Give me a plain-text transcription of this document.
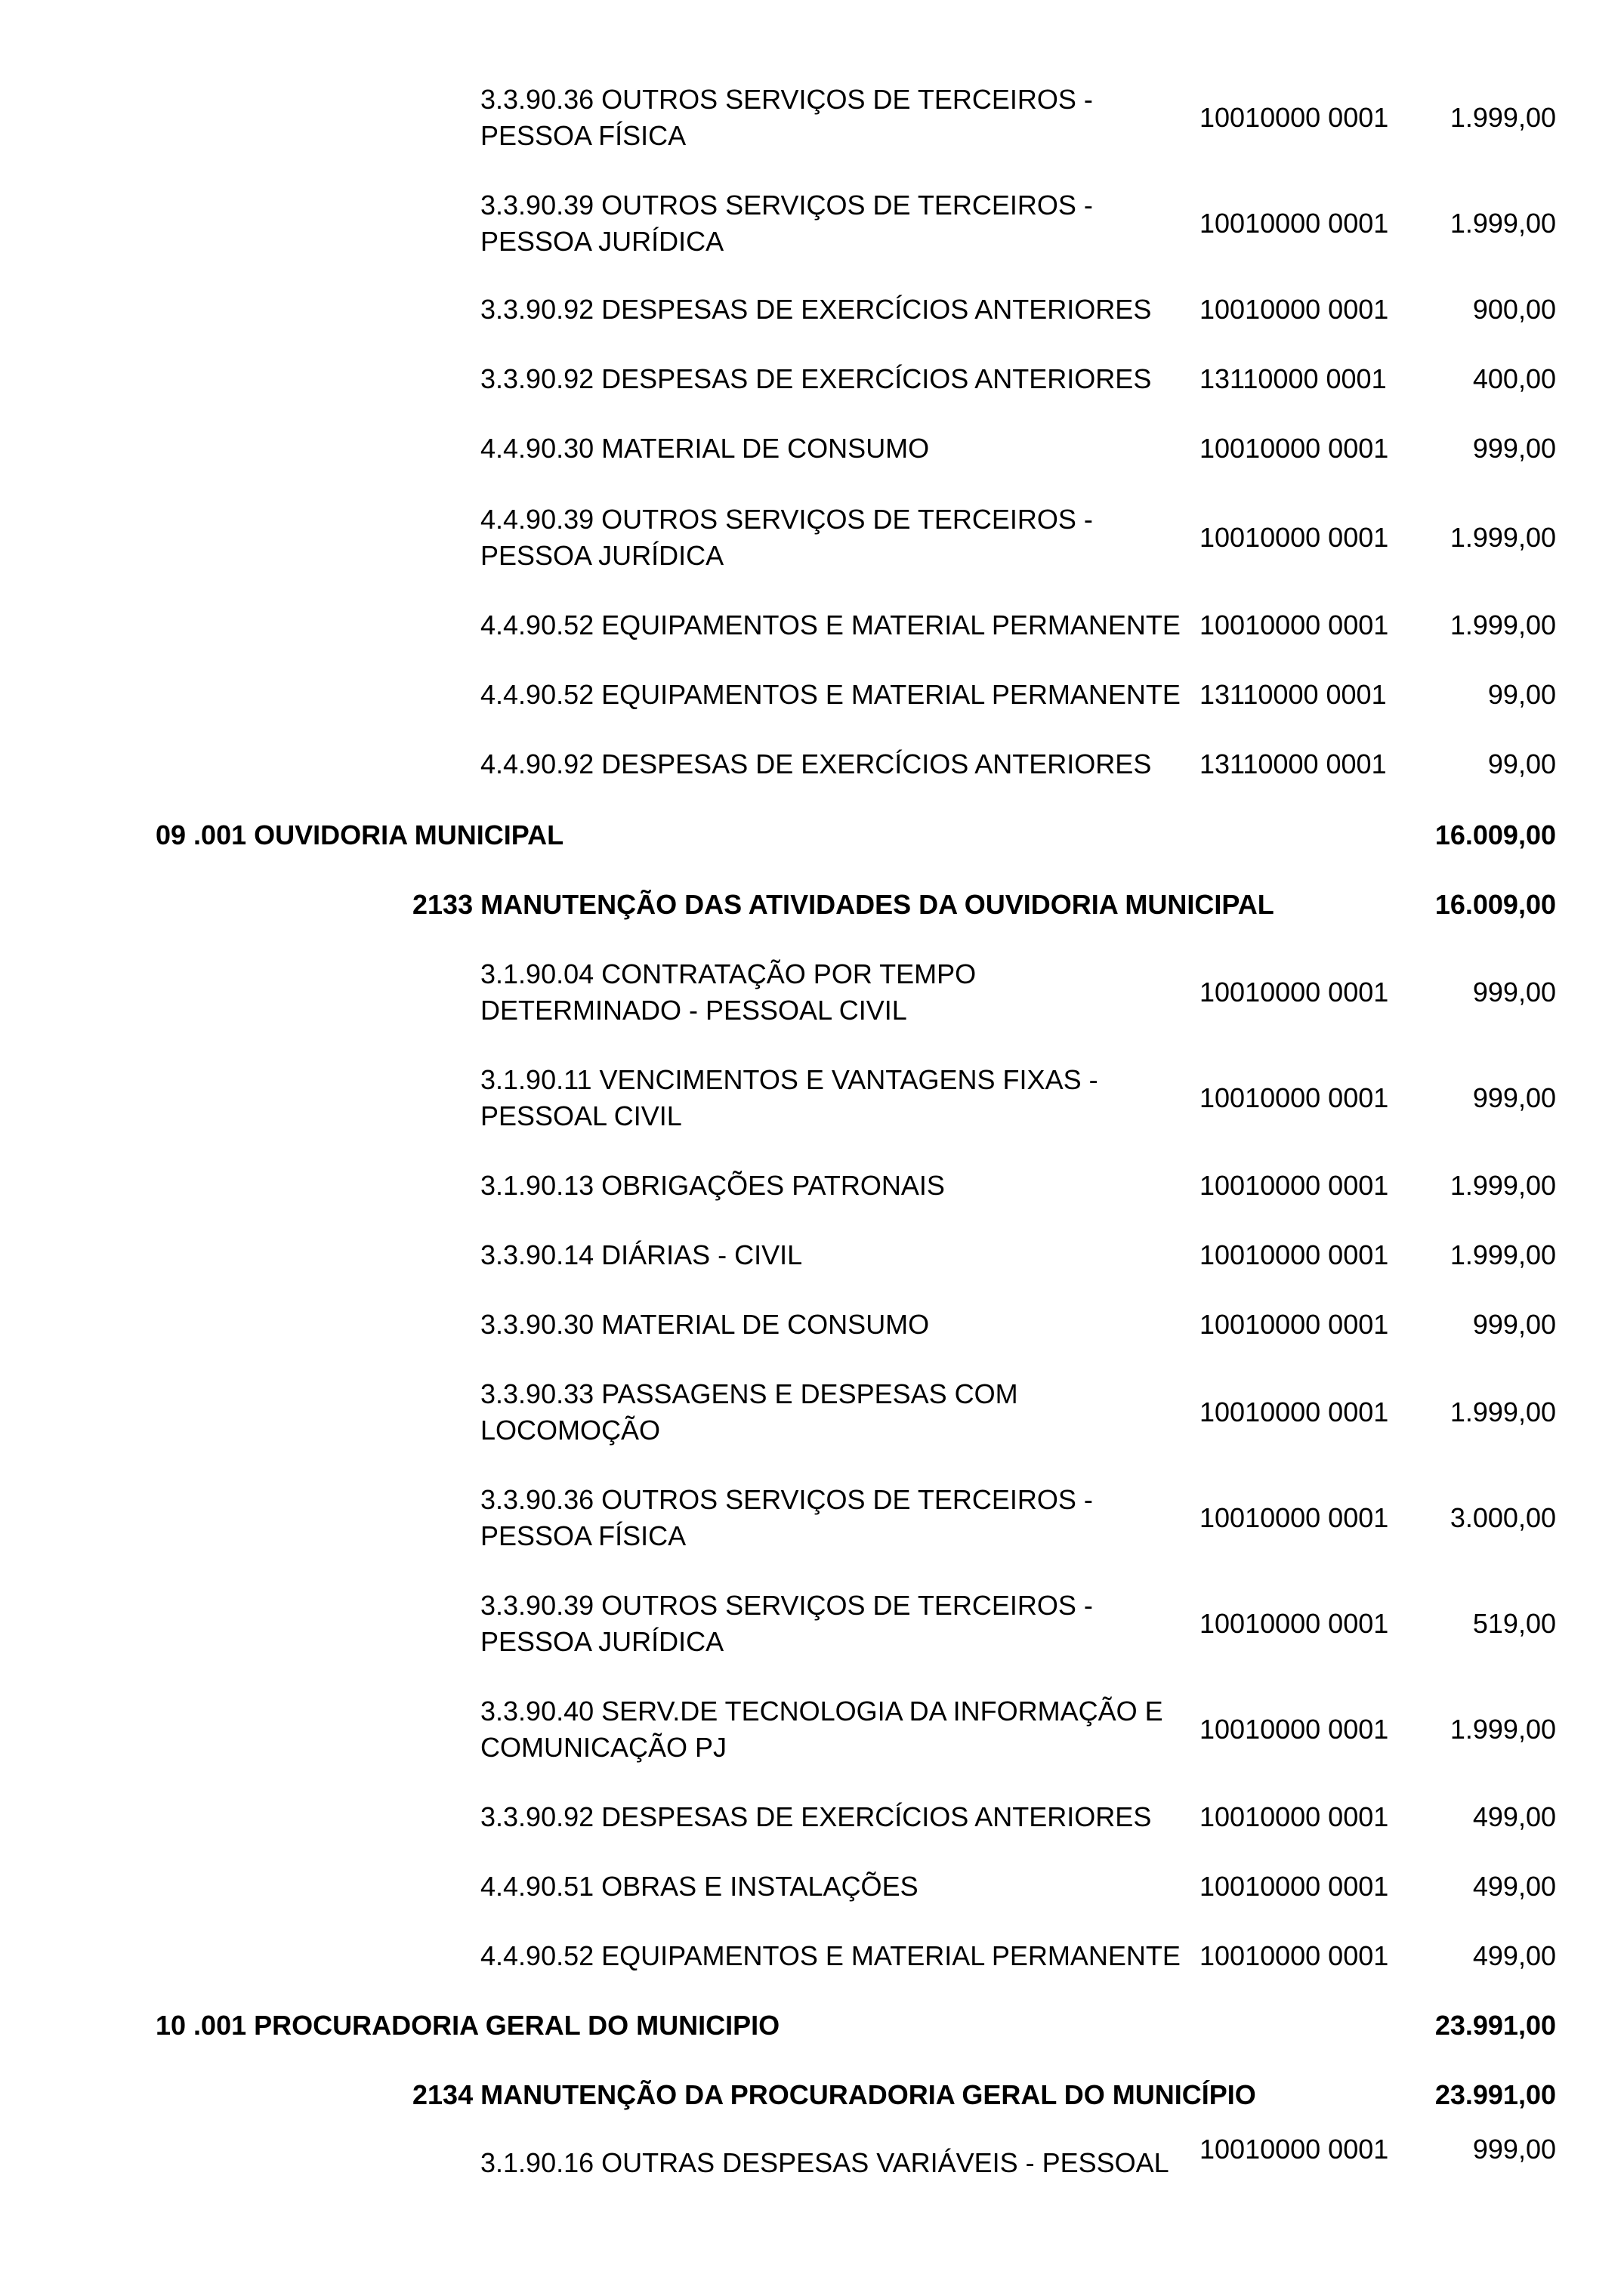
3.3.90.36 OUTROS SERVIÇOS DE TERCEIROS -
PESSOA FÍSICA
10010000 0001	1.999,00
3.3.90.39 OUTROS SERVIÇOS DE TERCEIROS -
PESSOA JURÍDICA
10010000 0001	1.999,00
3.3.90.92 DESPESAS DE EXERCÍCIOS ANTERIORES	10010000 0001	900,00
3.3.90.92 DESPESAS DE EXERCÍCIOS ANTERIORES	13110000 0001	400,00
4.4.90.30 MATERIAL DE CONSUMO	10010000 0001	999,00
4.4.90.39 OUTROS SERVIÇOS DE TERCEIROS -
PESSOA JURÍDICA
10010000 0001	1.999,00
4.4.90.52 EQUIPAMENTOS E MATERIAL PERMANENTE 10010000 0001	1.999,00
4.4.90.52 EQUIPAMENTOS E MATERIAL PERMANENTE 13110000 0001	99,00
4.4.90.92 DESPESAS DE EXERCÍCIOS ANTERIORES	13110000 0001	99,00
09 .001 OUVIDORIA MUNICIPAL	16.009,00
2133 MANUTENÇÃO DAS ATIVIDADES DA OUVIDORIA MUNICIPAL	16.009,00
3.1.90.04 CONTRATAÇÃO POR TEMPO
DETERMINADO - PESSOAL CIVIL
10010000 0001	999,00
3.1.90.11 VENCIMENTOS E VANTAGENS FIXAS -
PESSOAL CIVIL
10010000 0001	999,00
3.1.90.13 OBRIGAÇÕES PATRONAIS	10010000 0001	1.999,00
3.3.90.14 DIÁRIAS - CIVIL	10010000 0001	1.999,00
3.3.90.30 MATERIAL DE CONSUMO	10010000 0001	999,00
3.3.90.33 PASSAGENS E DESPESAS COM
LOCOMOÇÃO
10010000 0001	1.999,00
3.3.90.36 OUTROS SERVIÇOS DE TERCEIROS -
PESSOA FÍSICA
10010000 0001	3.000,00
3.3.90.39 OUTROS SERVIÇOS DE TERCEIROS -
PESSOA JURÍDICA
10010000 0001	519,00
3.3.90.40 SERV.DE TECNOLOGIA DA INFORMAÇÃO E
COMUNICAÇÃO PJ
10010000 0001	1.999,00
3.3.90.92 DESPESAS DE EXERCÍCIOS ANTERIORES	10010000 0001	499,00
4.4.90.51 OBRAS E INSTALAÇÕES	10010000 0001	499,00
4.4.90.52 EQUIPAMENTOS E MATERIAL PERMANENTE 10010000 0001	499,00
10 .001 PROCURADORIA GERAL DO MUNICIPIO	23.991,00
2134 MANUTENÇÃO DA PROCURADORIA GERAL DO MUNICÍPIO	23.991,00
3.1.90.16 OUTRAS DESPESAS VARIÁVEIS - PESSOAL	10010000 0001	999,00
